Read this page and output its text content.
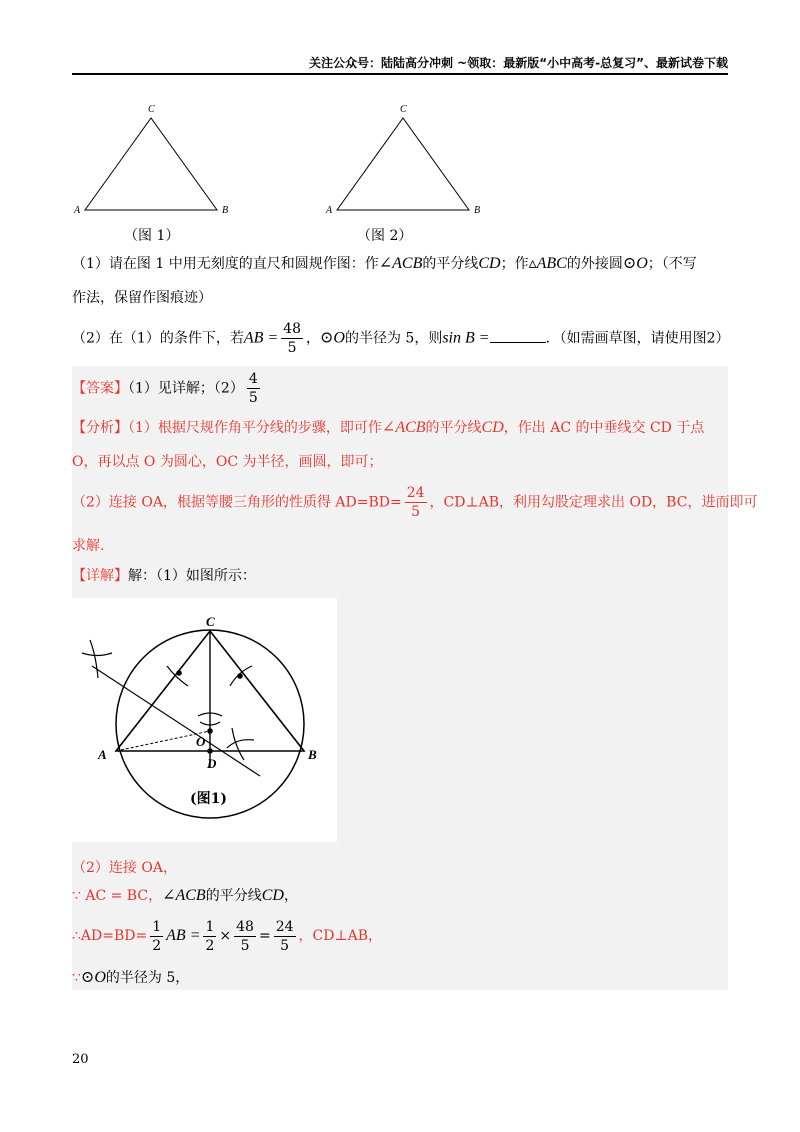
关注公众号：陆陆高分冲刺 ~领取：最新版“小中高考-总复习”、最新试卷下载
A	B
C
（图 1）
A	B
C
（图 2）
（1）请在图 1 中用无刻度的直尺和圆规作图：作∠ACB的平分线CD；作▵ABC的外接圆⊙O；（不写
作法，保留作图痕迹）
（2）在（1）的条件下，若AB = $\frac{48}{5}$ ，⊙O的半径为 5，则sin B =	．（如需画草图，请使用图2）
【答案】（1）见详解；$(2) \frac{4}{5}$
【分析】（1）根据尺规作角平分线的步骤，即可作∠ACB的平分线CD，作出 AC 的中垂线交 CD 于点
O，再以点 O 为圆心，OC 为半径，画圆，即可；
（2）连接 OA，根据等腰三角形的性质得 $AD=BD= \frac{24}{5}$ ，CD⊥AB，利用勾股定理求出 OD，BC，进而即可
求解.
【详解】解：（1）如图所示：
C
A	B
O
D
(图1)
（2）连接 OA，
∵ AC = BC，∠ACB的平分线CD，
∴AD=BD= $\frac{1}{2}$ AB = $\frac{1}{2} \times \frac{48}{5} = \frac{24}{5}$ ，CD⊥AB，
∵⊙O的半径为 5，
20
